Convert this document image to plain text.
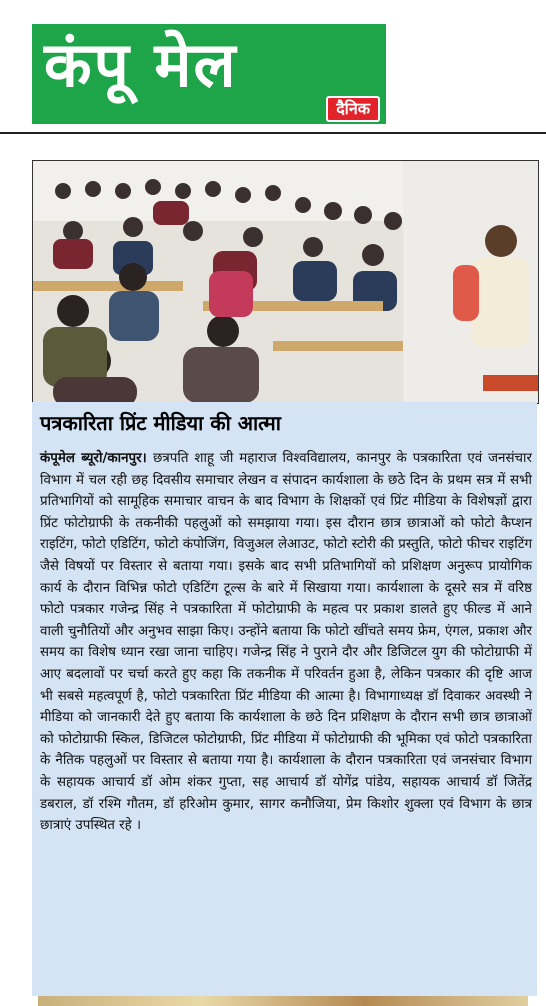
कंपू मेल
दैनिक
पत्रकारिता प्रिंट मीडिया की आत्मा
कंपूमेल ब्यूरो/कानपुर। छत्रपति शाहू जी महाराज विश्वविद्यालय, कानपुर के पत्रकारिता एवं जनसंचार विभाग में चल रही छह दिवसीय समाचार लेखन व संपादन कार्यशाला के छठे दिन के प्रथम सत्र में सभी प्रतिभागियों को सामूहिक समाचार वाचन के बाद विभाग के शिक्षकों एवं प्रिंट मीडिया के विशेषज्ञों द्वारा प्रिंट फोटोग्राफी के तकनीकी पहलुओं को समझाया गया। इस दौरान छात्र छात्राओं को फोटो कैप्शन राइटिंग, फोटो एडिटिंग, फोटो कंपोजिंग, विजुअल लेआउट, फोटो स्टोरी की प्रस्तुति, फोटो फीचर राइटिंग जैसे विषयों पर विस्तार से बताया गया। इसके बाद सभी प्रतिभागियों को प्रशिक्षण अनुरूप प्रायोगिक कार्य के दौरान विभिन्न फोटो एडिटिंग टूल्स के बारे में सिखाया गया। कार्यशाला के दूसरे सत्र में वरिष्ठ फोटो पत्रकार गजेन्द्र सिंह ने पत्रकारिता में फोटोग्राफी के महत्व पर प्रकाश डालते हुए फील्ड में आने वाली चुनौतियों और अनुभव साझा किए। उन्होंने बताया कि फोटो खींचते समय फ्रेम, एंगल, प्रकाश और समय का विशेष ध्यान रखा जाना चाहिए। गजेन्द्र सिंह ने पुराने दौर और डिजिटल युग की फोटोग्राफी में आए बदलावों पर चर्चा करते हुए कहा कि तकनीक में परिवर्तन हुआ है, लेकिन पत्रकार की दृष्टि आज भी सबसे महत्वपूर्ण है, फोटो पत्रकारिता प्रिंट मीडिया की आत्मा है। विभागाध्यक्ष डॉ दिवाकर अवस्थी ने मीडिया को जानकारी देते हुए बताया कि कार्यशाला के छठे दिन प्रशिक्षण के दौरान सभी छात्र छात्राओं को फोटोग्राफी स्किल, डिजिटल फोटोग्राफी, प्रिंट मीडिया में फोटोग्राफी की भूमिका एवं फोटो पत्रकारिता के नैतिक पहलुओं पर विस्तार से बताया गया है। कार्यशाला के दौरान पत्रकारिता एवं जनसंचार विभाग के सहायक आचार्य डॉ ओम शंकर गुप्ता, सह आचार्य डॉ योगेंद्र पांडेय, सहायक आचार्य डॉ जितेंद्र डबराल, डॉ रश्मि गौतम, डॉ हरिओम कुमार, सागर कनौजिया, प्रेम किशोर शुक्ला एवं विभाग के छात्र छात्राएं उपस्थित रहे ।
